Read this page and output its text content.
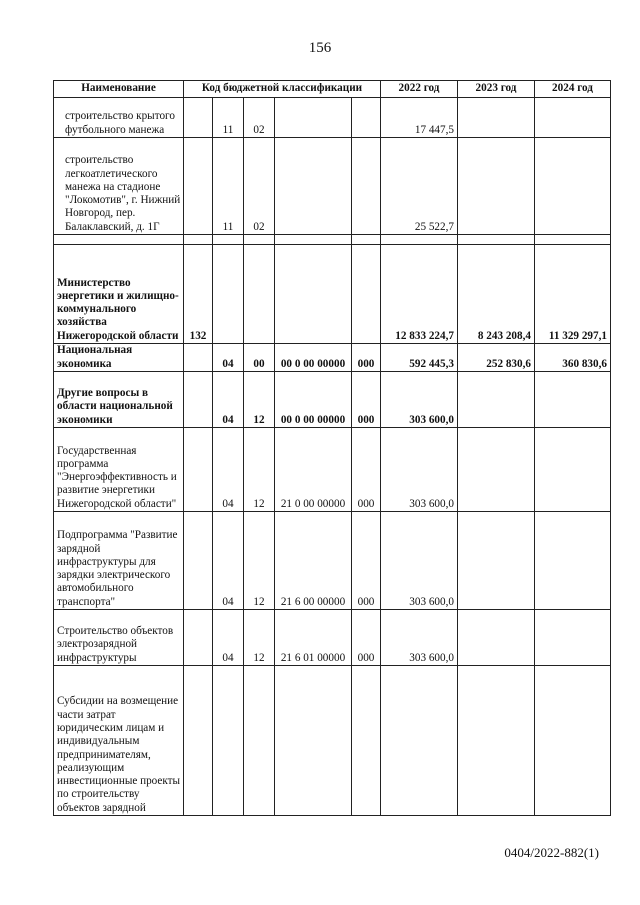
156
Наименование	Код бюджетной классификации					2022 год	2023 год	2024 год
строительство крытого футбольного манежа		11	02			17 447,5		
строительство легкоатлетического манежа на стадионе "Локомотив", г. Нижний Новгород, пер. Балаклавский, д. 1Г		11	02			25 522,7		

Министерство энергетики и жилищно-коммунального хозяйства Нижегородской области	132					12 833 224,7	8 243 208,4	11 329 297,1
Национальная экономика		04	00	00 0 00 00000	000	592 445,3	252 830,6	360 830,6
Другие вопросы в области национальной экономики		04	12	00 0 00 00000	000	303 600,0		
Государственная программа "Энергоэффективность и развитие энергетики Нижегородской области"		04	12	21 0 00 00000	000	303 600,0		
Подпрограмма "Развитие зарядной инфраструктуры для зарядки электрического автомобильного транспорта"		04	12	21 6 00 00000	000	303 600,0		
Строительство объектов электрозарядной инфраструктуры		04	12	21 6 01 00000	000	303 600,0		
Субсидии на возмещение части затрат юридическим лицам и индивидуальным предпринимателям, реализующим инвестиционные проекты по строительству объектов зарядной								
0404/2022-882(1)
